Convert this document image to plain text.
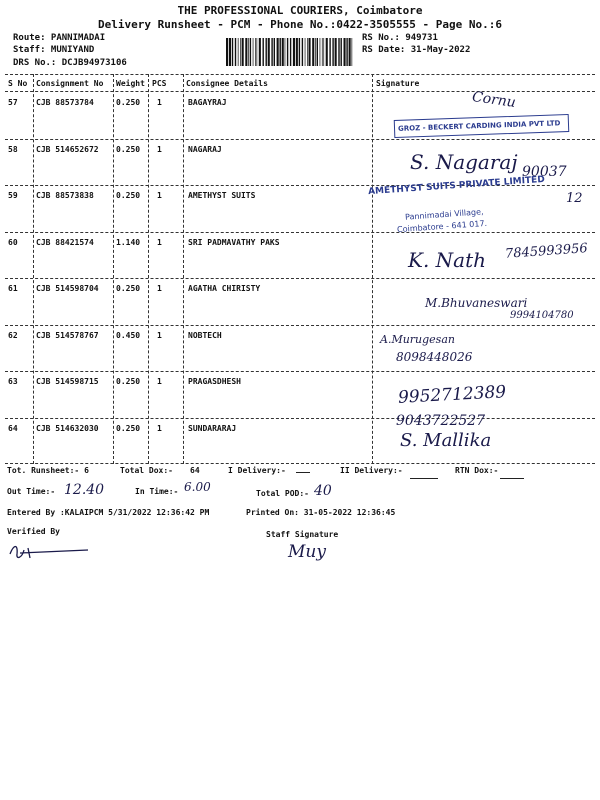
THE PROFESSIONAL COURIERS, Coimbatore
Delivery Runsheet - PCM - Phone No.:0422-3505555 - Page No.:6
Route: PANNIMADAI
Staff: MUNIYAND
DRS No.: DCJB94973106
RS No.: 949731
RS Date: 31-May-2022
S No Consignment No Weight PCS Consignee Details	Signature
57 CJB 88573784	0.250 1	BAGAYRAJ
58 CJB 514652672 0.250 1	NAGARAJ
59 CJB 88573838	0.250 1	AMETHYST SUITS
60 CJB 88421574	1.140 1	SRI PADMAVATHY PAKS
61 CJB 514598704 0.250 1	AGATHA CHIRISTY
62 CJB 514578767 0.450 1	NOBTECH
63 CJB 514598715 0.250 1	PRAGASDHESH
64 CJB 514632030 0.250 1	SUNDARARAJ
GROZ - BECKERT CARDING INDIA PVT LTD
AMETHYST SUITS PRIVATE LIMITED
Pannimadai Village,
Coimbatore - 641 017.
Cornu
S. Nagaraj 90037
12
K. Nath 7845993956
M.Bhuvaneswari
9994104780
A.Murugesan
8098448026
9952712389
9043722527
S. Mallika
Tot. Runsheet:- 6	Total Dox:- 64	I Delivery:-	II Delivery:-	RTN Dox:-
Out Time:- 12.40	In Time:- 6.00	Total POD:- 40
Entered By :KALAIPCM 5/31/2022 12:36:42 PM	Printed On: 31-05-2022 12:36:45
Verified By	Staff Signature
Muy
